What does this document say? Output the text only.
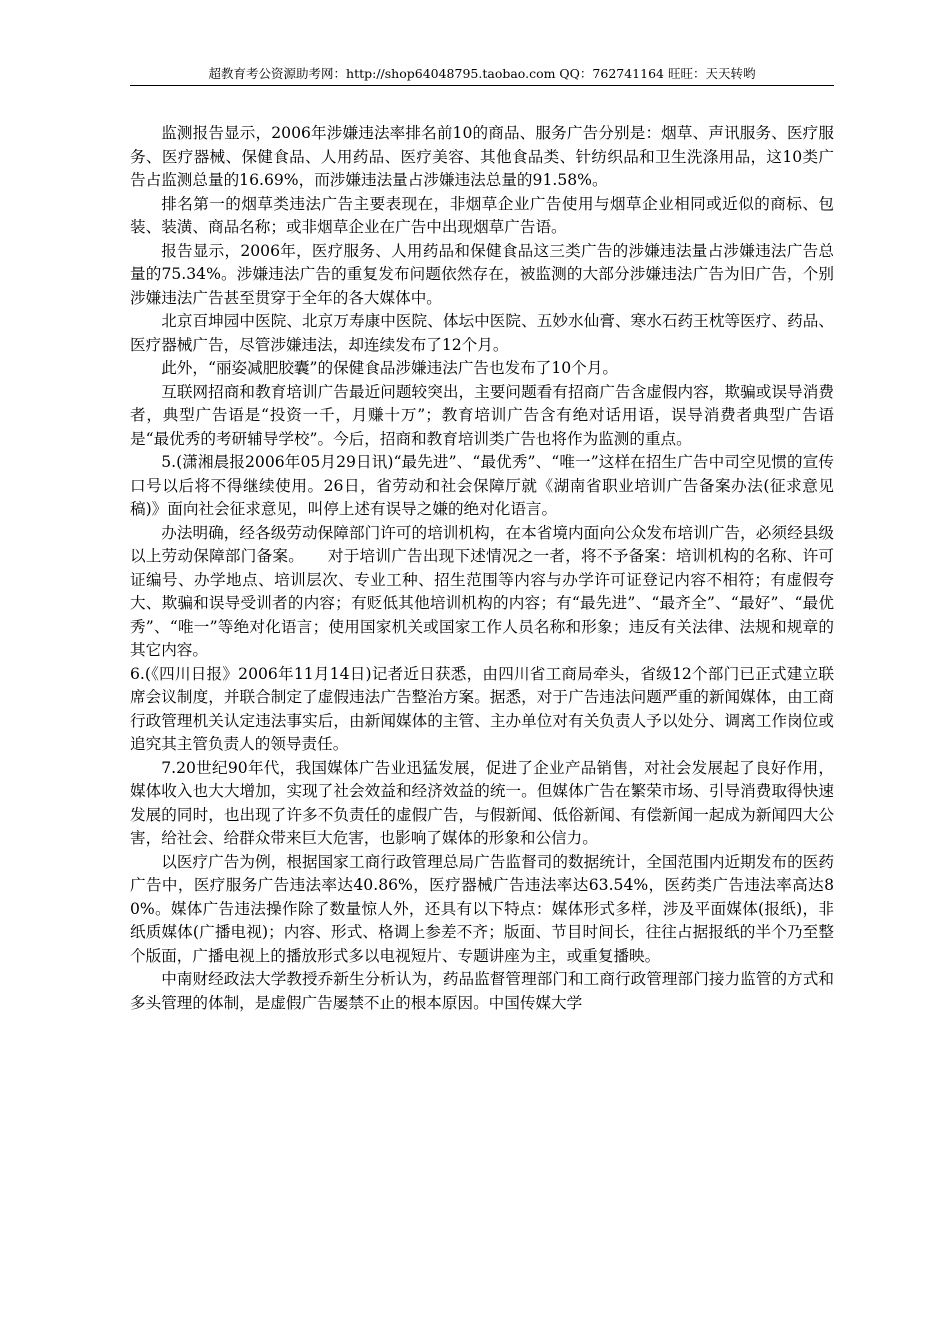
超教育考公资源助考网：http://shop64048795.taobao.com QQ：762741164 旺旺：天天转哟

监测报告显示，2006年涉嫌违法率排名前10的商品、服务广告分别是：烟草、声讯服务、医疗服务、医疗器械、保健食品、人用药品、医疗美容、其他食品类、针纺织品和卫生洗涤用品，这10类广告占监测总量的16.69%，而涉嫌违法量占涉嫌违法总量的91.58%。

排名第一的烟草类违法广告主要表现在，非烟草企业广告使用与烟草企业相同或近似的商标、包装、装潢、商品名称；或非烟草企业在广告中出现烟草广告语。

报告显示，2006年，医疗服务、人用药品和保健食品这三类广告的涉嫌违法量占涉嫌违法广告总量的75.34%。涉嫌违法广告的重复发布问题依然存在，被监测的大部分涉嫌违法广告为旧广告，个别涉嫌违法广告甚至贯穿于全年的各大媒体中。

北京百坤园中医院、北京万寿康中医院、体坛中医院、五妙水仙膏、寒水石药王枕等医疗、药品、医疗器械广告，尽管涉嫌违法，却连续发布了12个月。

此外，“丽姿减肥胶囊”的保健食品涉嫌违法广告也发布了10个月。

互联网招商和教育培训广告最近问题较突出，主要问题看有招商广告含虚假内容，欺骗或误导消费者，典型广告语是“投资一千，月赚十万”；教育培训广告含有绝对话用语，误导消费者典型广告语是“最优秀的考研辅导学校”。今后，招商和教育培训类广告也将作为监测的重点。

5.(潇湘晨报2006年05月29日讯)“最先进”、“最优秀”、“唯一”这样在招生广告中司空见惯的宣传口号以后将不得继续使用。26日，省劳动和社会保障厅就《湖南省职业培训广告备案办法(征求意见稿)》面向社会征求意见，叫停上述有误导之嫌的绝对化语言。

办法明确，经各级劳动保障部门许可的培训机构，在本省境内面向公众发布培训广告，必须经县级以上劳动保障部门备案。　　对于培训广告出现下述情况之一者，将不予备案：培训机构的名称、许可证编号、办学地点、培训层次、专业工种、招生范围等内容与办学许可证登记内容不相符；有虚假夸大、欺骗和误导受训者的内容；有贬低其他培训机构的内容；有“最先进”、“最齐全”、“最好”、“最优秀”、“唯一”等绝对化语言；使用国家机关或国家工作人员名称和形象；违反有关法律、法规和规章的其它内容。

6.(《四川日报》2006年11月14日)记者近日获悉，由四川省工商局牵头，省级12个部门已正式建立联席会议制度，并联合制定了虚假违法广告整治方案。据悉，对于广告违法问题严重的新闻媒体，由工商行政管理机关认定违法事实后，由新闻媒体的主管、主办单位对有关负责人予以处分、调离工作岗位或追究其主管负责人的领导责任。

7.20世纪90年代，我国媒体广告业迅猛发展，促进了企业产品销售，对社会发展起了良好作用，媒体收入也大大增加，实现了社会效益和经济效益的统一。但媒体广告在繁荣市场、引导消费取得快速发展的同时，也出现了许多不负责任的虚假广告，与假新闻、低俗新闻、有偿新闻一起成为新闻四大公害，给社会、给群众带来巨大危害，也影响了媒体的形象和公信力。

以医疗广告为例，根据国家工商行政管理总局广告监督司的数据统计，全国范围内近期发布的医药广告中，医疗服务广告违法率达40.86%，医疗器械广告违法率达63.54%，医药类广告违法率高达80%。媒体广告违法操作除了数量惊人外，还具有以下特点：媒体形式多样，涉及平面媒体(报纸)，非纸质媒体(广播电视)；内容、形式、格调上参差不齐；版面、节目时间长，往往占据报纸的半个乃至整个版面，广播电视上的播放形式多以电视短片、专题讲座为主，或重复播映。

中南财经政法大学教授乔新生分析认为，药品监督管理部门和工商行政管理部门接力监管的方式和多头管理的体制，是虚假广告屡禁不止的根本原因。中国传媒大学
